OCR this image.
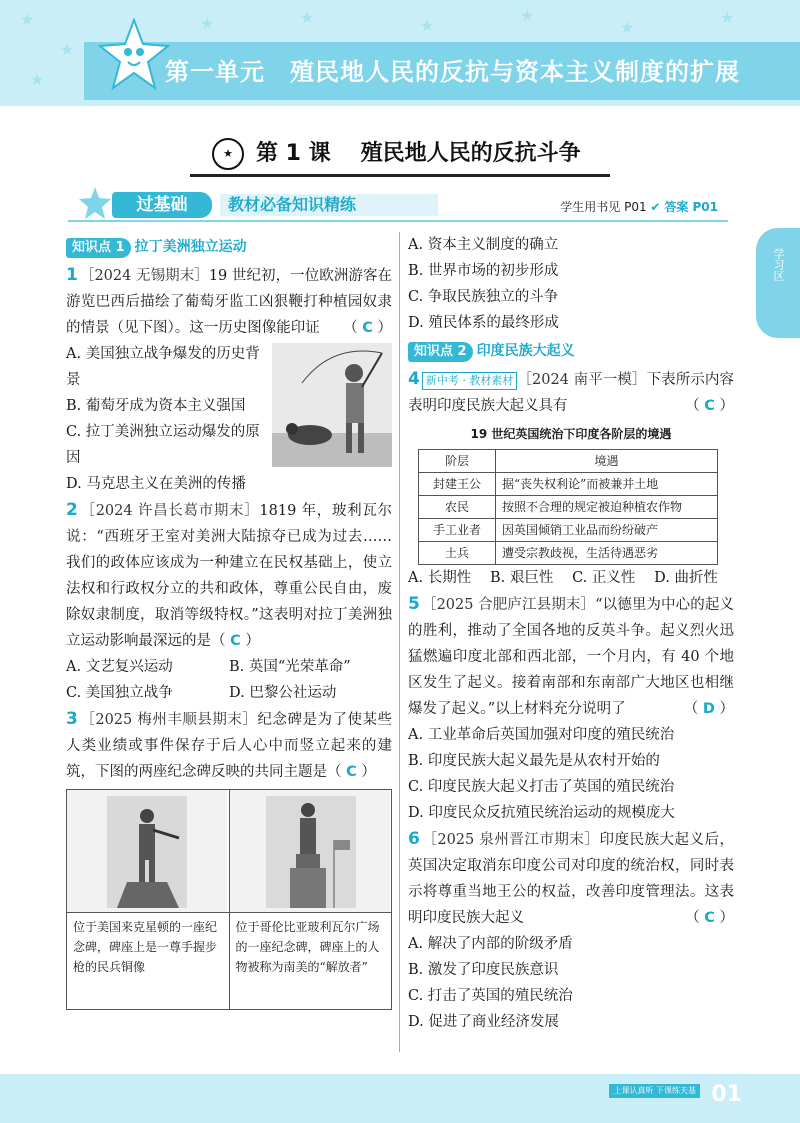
★
★
★	★	★
★
★
★
★	第一单元　殖民地人民的反抗与资本主义制度的扩展
★ 第 1 课 殖民地人民的反抗斗争
过基础	教材必备知识精练	学生用书见 P01 ✔ 答案 P01
学习区
知识点 1 拉丁美洲独立运动

1 ［2024 无锡期末］19 世纪初，一位欧洲游客在游览巴西后描绘了葡萄牙监工凶狠鞭打种植园奴隶的情景（见下图）。这一历史图像能印证 （ C ）

A. 美国独立战争爆发的历史背景

B. 葡萄牙成为资本主义强国

C. 拉丁美洲独立运动爆发的原因

D. 马克思主义在美洲的传播

2 ［2024 许昌长葛市期末］1819 年，玻利瓦尔说：“西班牙王室对美洲大陆掠夺已成为过去……我们的政体应该成为一种建立在民权基础上，使立法权和行政权分立的共和政体，尊重公民自由，废除奴隶制度，取消等级特权。”这表明对拉丁美洲独立运动影响最深远的是（ C ）

A. 文艺复兴运动	B. 英国“光荣革命”
C. 美国独立战争	D. 巴黎公社运动

3 ［2025 梅州丰顺县期末］纪念碑是为了使某些人类业绩或事件保存于后人心中而竖立起来的建筑，下图的两座纪念碑反映的共同主题是（ C ）

位于美国来克星顿的一座纪念碑，碑座上是一尊手握步枪的民兵铜像
位于哥伦比亚玻利瓦尔广场的一座纪念碑，碑座上的人物被称为南美的“解放者”

A. 资本主义制度的确立

B. 世界市场的初步形成

C. 争取民族独立的斗争

D. 殖民体系的最终形成

知识点 2 印度民族大起义

4 新中考 · 教材素材 ［2024 南平一模］下表所示内容表明印度民族大起义具有	（ C ）

19 世纪英国统治下印度各阶层的境遇
阶层	境遇
封建王公	据“丧失权利论”而被兼并土地
农民	按照不合理的规定被迫种植农作物
手工业者	因英国倾销工业品而纷纷破产
土兵	遭受宗教歧视，生活待遇恶劣
A. 长期性 B. 艰巨性 C. 正义性 D. 曲折性

5 ［2025 合肥庐江县期末］“以德里为中心的起义的胜利，推动了全国各地的反英斗争。起义烈火迅猛燃遍印度北部和西北部，一个月内，有 40 个地区发生了起义。接着南部和东南部广大地区也相继爆发了起义。”以上材料充分说明了	（ D ）

A. 工业革命后英国加强对印度的殖民统治

B. 印度民族大起义最先是从农村开始的

C. 印度民族大起义打击了英国的殖民统治

D. 印度民众反抗殖民统治运动的规模庞大

6 ［2025 泉州晋江市期末］印度民族大起义后，英国决定取消东印度公司对印度的统治权，同时表示将尊重当地王公的权益，改善印度管理法。这表明印度民族大起义	（ C ）

A. 解决了内部的阶级矛盾

B. 激发了印度民族意识

C. 打击了英国的殖民统治

D. 促进了商业经济发展

上课认真听 下课练夫基 01
